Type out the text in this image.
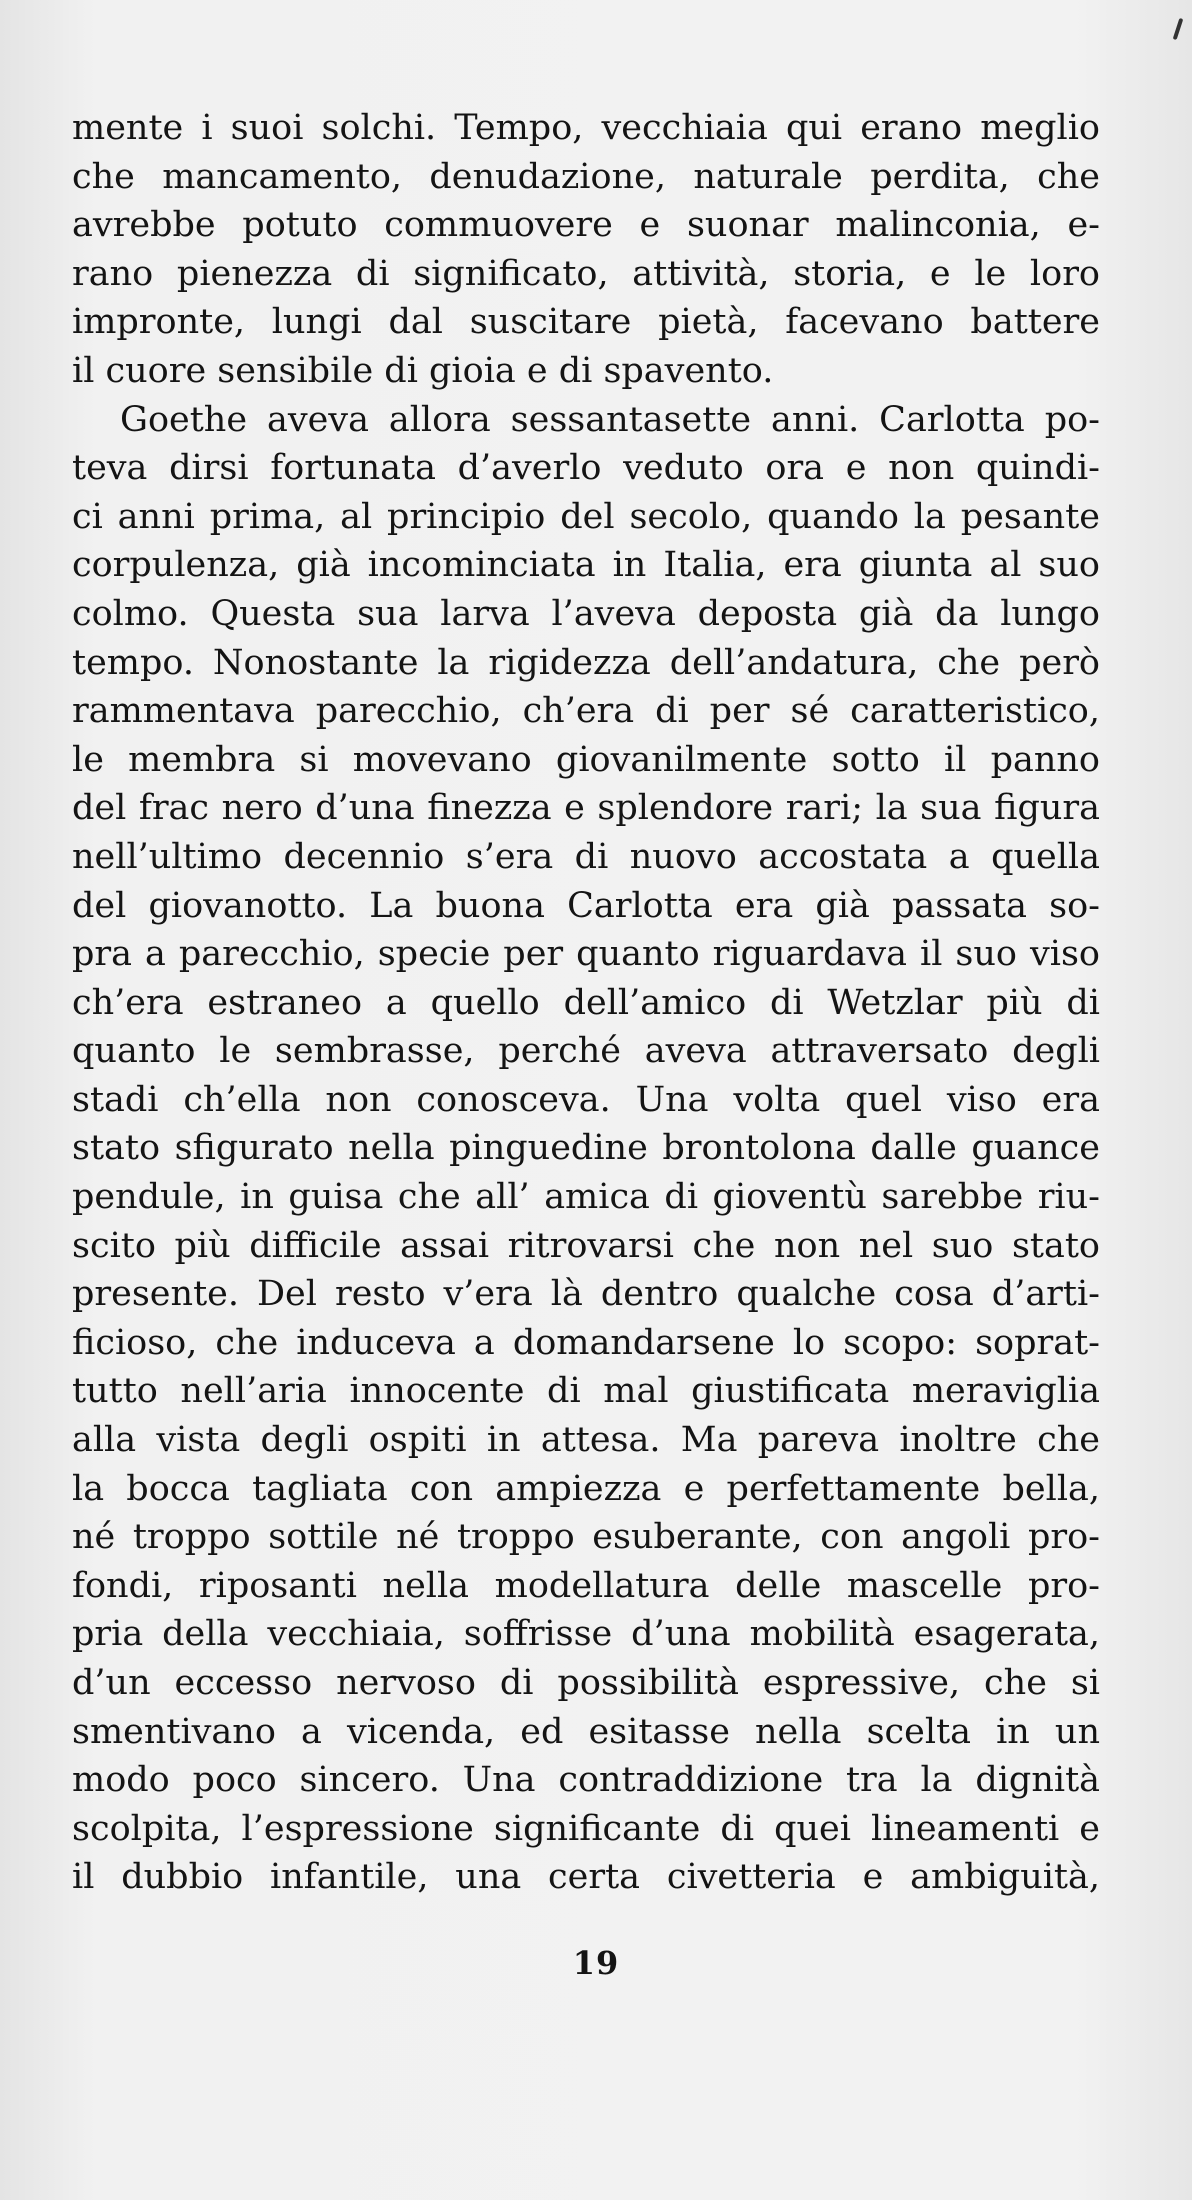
mente i suoi solchi. Tempo, vecchiaia qui erano meglio
che mancamento, denudazione, naturale perdita, che
avrebbe potuto commuovere e suonar malinconia, e-
rano pienezza di significato, attività, storia, e le loro
impronte, lungi dal suscitare pietà, facevano battere
il cuore sensibile di gioia e di spavento.
Goethe aveva allora sessantasette anni. Carlotta po-
teva dirsi fortunata d’averlo veduto ora e non quindi-
ci anni prima, al principio del secolo, quando la pesante
corpulenza, già incominciata in Italia, era giunta al suo
colmo. Questa sua larva l’aveva deposta già da lungo
tempo. Nonostante la rigidezza dell’andatura, che però
rammentava parecchio, ch’era di per sé caratteristico,
le membra si movevano giovanilmente sotto il panno
del frac nero d’una finezza e splendore rari; la sua figura
nell’ultimo decennio s’era di nuovo accostata a quella
del giovanotto. La buona Carlotta era già passata so-
pra a parecchio, specie per quanto riguardava il suo viso
ch’era estraneo a quello dell’amico di Wetzlar più di
quanto le sembrasse, perché aveva attraversato degli
stadi ch’ella non conosceva. Una volta quel viso era
stato sfigurato nella pinguedine brontolona dalle guance
pendule, in guisa che all’ amica di gioventù sarebbe riu-
scito più difficile assai ritrovarsi che non nel suo stato
presente. Del resto v’era là dentro qualche cosa d’arti-
ficioso, che induceva a domandarsene lo scopo: soprat-
tutto nell’aria innocente di mal giustificata meraviglia
alla vista degli ospiti in attesa. Ma pareva inoltre che
la bocca tagliata con ampiezza e perfettamente bella,
né troppo sottile né troppo esuberante, con angoli pro-
fondi, riposanti nella modellatura delle mascelle pro-
pria della vecchiaia, soffrisse d’una mobilità esagerata,
d’un eccesso nervoso di possibilità espressive, che si
smentivano a vicenda, ed esitasse nella scelta in un
modo poco sincero. Una contraddizione tra la dignità
scolpita, l’espressione significante di quei lineamenti e
il dubbio infantile, una certa civetteria e ambiguità,
19
